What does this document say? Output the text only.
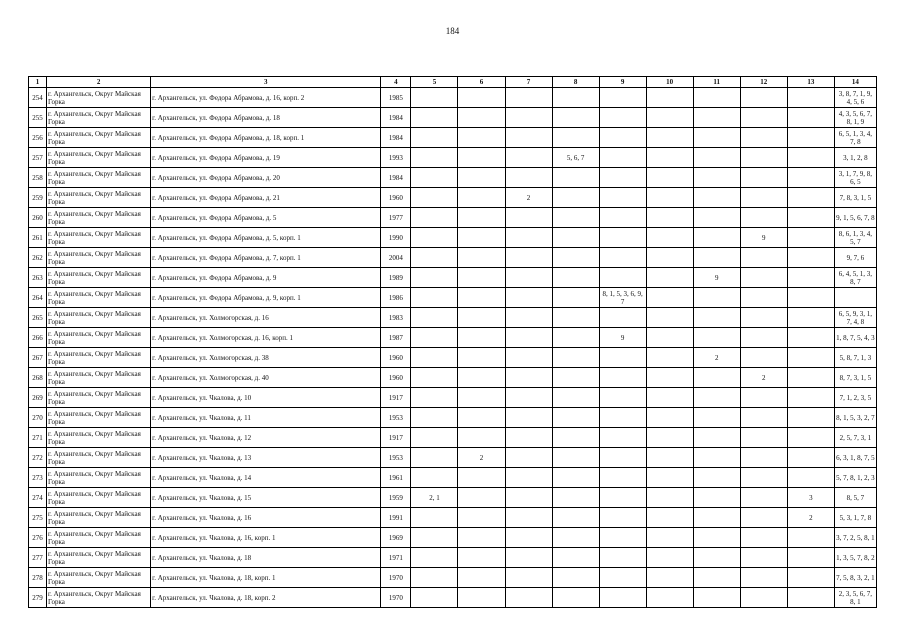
184
1	2	3	4	5	6	7	8	9	10	11	12	13	14
254	г. Архангельск, Округ Майская Горка	г. Архангельск, ул. Федора Абрамова, д. 16, корп. 2	1985										3, 8, 7, 1, 9, 4, 5, 6
255	г. Архангельск, Округ Майская Горка	г. Архангельск, ул. Федора Абрамова, д. 18	1984										4, 3, 5, 6, 7, 8, 1, 9
256	г. Архангельск, Округ Майская Горка	г. Архангельск, ул. Федора Абрамова, д. 18, корп. 1	1984										6, 5, 1, 3, 4, 7, 8
257	г. Архангельск, Округ Майская Горка	г. Архангельск, ул. Федора Абрамова, д. 19	1993				5, 6, 7						3, 1, 2, 8
258	г. Архангельск, Округ Майская Горка	г. Архангельск, ул. Федора Абрамова, д. 20	1984										3, 1, 7, 9, 8, 6, 5
259	г. Архангельск, Округ Майская Горка	г. Архангельск, ул. Федора Абрамова, д. 21	1960			2							7, 8, 3, 1, 5
260	г. Архангельск, Округ Майская Горка	г. Архангельск, ул. Федора Абрамова, д. 5	1977										9, 1, 5, 6, 7, 8
261	г. Архангельск, Округ Майская Горка	г. Архангельск, ул. Федора Абрамова, д. 5, корп. 1	1990								9		8, 6, 1, 3, 4, 5, 7
262	г. Архангельск, Округ Майская Горка	г. Архангельск, ул. Федора Абрамова, д. 7, корп. 1	2004										9, 7, 6
263	г. Архангельск, Округ Майская Горка	г. Архангельск, ул. Федора Абрамова, д. 9	1989							9			6, 4, 5, 1, 3, 8, 7
264	г. Архангельск, Округ Майская Горка	г. Архангельск, ул. Федора Абрамова, д. 9, корп. 1	1986					8, 1, 5, 3, 6, 9, 7					
265	г. Архангельск, Округ Майская Горка	г. Архангельск, ул. Холмогорская, д. 16	1983										6, 5, 9, 3, 1, 7, 4, 8
266	г. Архангельск, Округ Майская Горка	г. Архангельск, ул. Холмогорская, д. 16, корп. 1	1987					9					1, 8, 7, 5, 4, 3
267	г. Архангельск, Округ Майская Горка	г. Архангельск, ул. Холмогорская, д. 38	1960							2			5, 8, 7, 1, 3
268	г. Архангельск, Округ Майская Горка	г. Архангельск, ул. Холмогорская, д. 40	1960								2		8, 7, 3, 1, 5
269	г. Архангельск, Округ Майская Горка	г. Архангельск, ул. Чкалова, д. 10	1917										7, 1, 2, 3, 5
270	г. Архангельск, Округ Майская Горка	г. Архангельск, ул. Чкалова, д. 11	1953										8, 1, 5, 3, 2, 7
271	г. Архангельск, Округ Майская Горка	г. Архангельск, ул. Чкалова, д. 12	1917										2, 5, 7, 3, 1
272	г. Архангельск, Округ Майская Горка	г. Архангельск, ул. Чкалова, д. 13	1953		2								6, 3, 1, 8, 7, 5
273	г. Архангельск, Округ Майская Горка	г. Архангельск, ул. Чкалова, д. 14	1961										5, 7, 8, 1, 2, 3
274	г. Архангельск, Округ Майская Горка	г. Архангельск, ул. Чкалова, д. 15	1959	2, 1								3	8, 5, 7
275	г. Архангельск, Округ Майская Горка	г. Архангельск, ул. Чкалова, д. 16	1991									2	5, 3, 1, 7, 8
276	г. Архангельск, Округ Майская Горка	г. Архангельск, ул. Чкалова, д. 16, корп. 1	1969										3, 7, 2, 5, 8, 1
277	г. Архангельск, Округ Майская Горка	г. Архангельск, ул. Чкалова, д. 18	1971										1, 3, 5, 7, 8, 2
278	г. Архангельск, Округ Майская Горка	г. Архангельск, ул. Чкалова, д. 18, корп. 1	1970										7, 5, 8, 3, 2, 1
279	г. Архангельск, Округ Майская Горка	г. Архангельск, ул. Чкалова, д. 18, корп. 2	1970										2, 3, 5, 6, 7, 8, 1
